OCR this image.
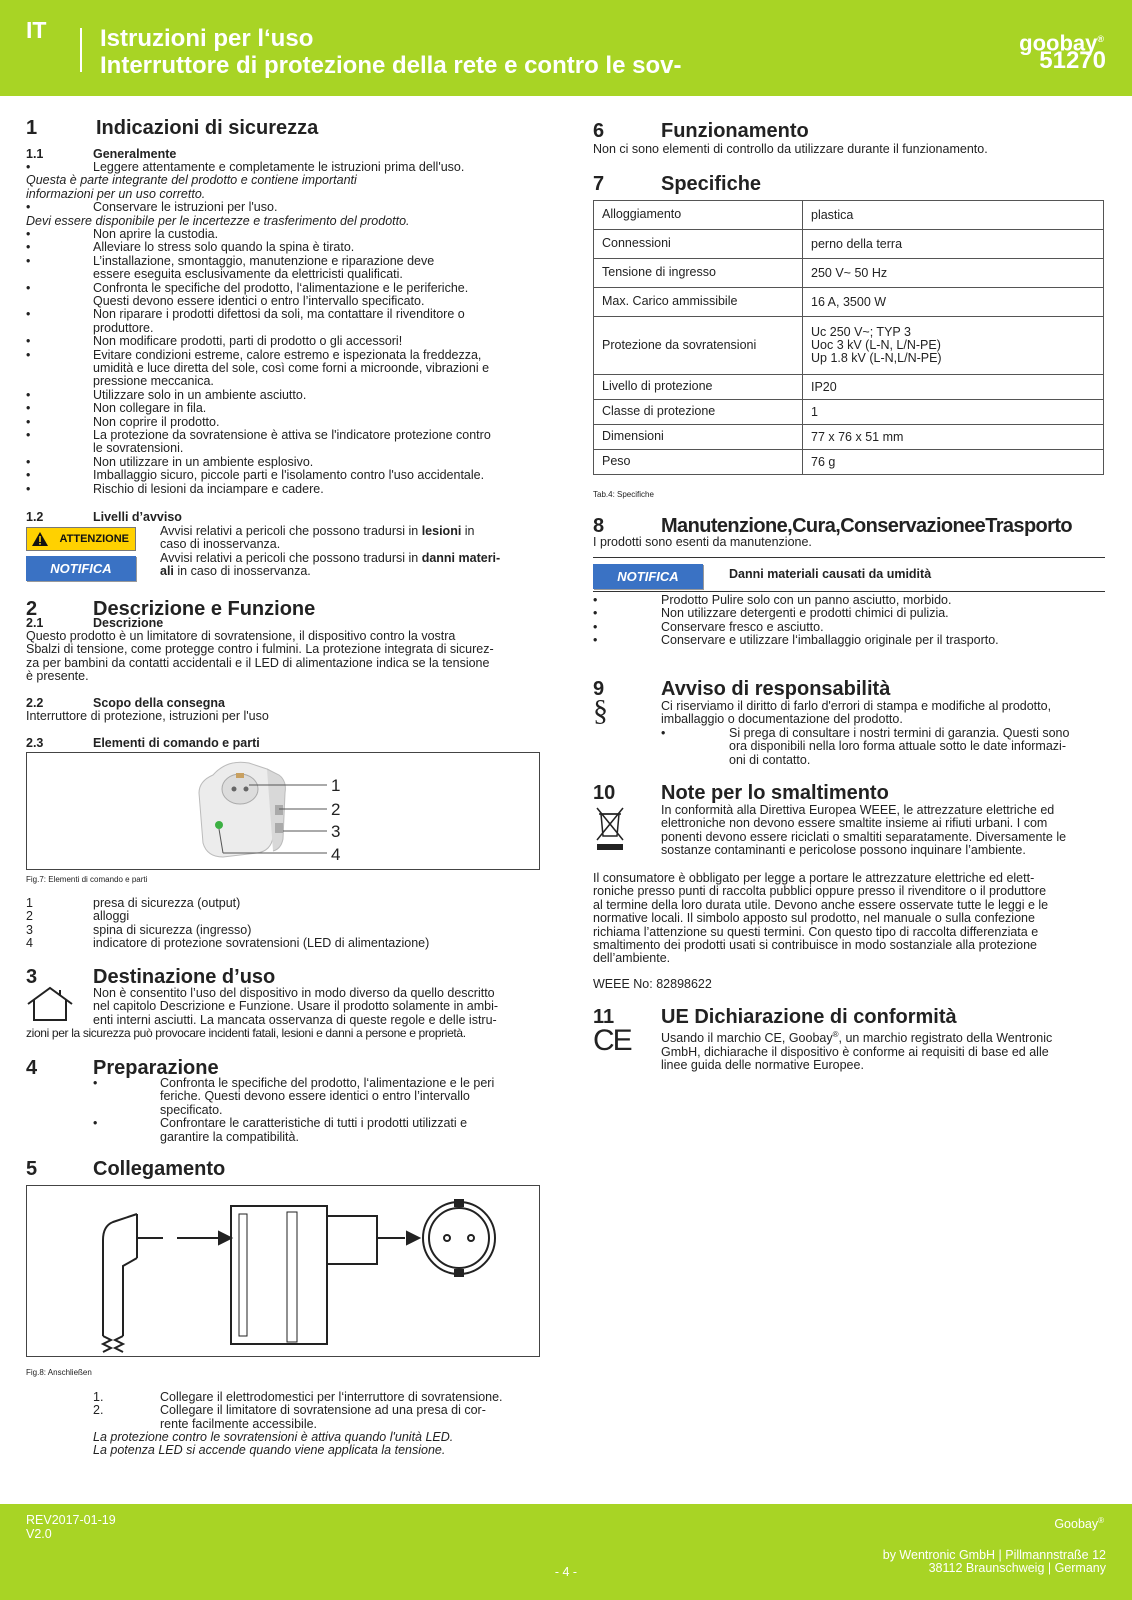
IT Istruzioni per l‘uso
Interruttore di protezione della rete e contro le sov-
goobay®
51270
1	Indicazioni di sicurezza
1.1	Generalmente
•	Leggere attentamente e completamente le istruzioni prima dell'uso.
Questa è parte integrante del prodotto e contiene importanti
informazioni per un uso corretto.
•	Conservare le istruzioni per l'uso.
Devi essere disponibile per le incertezze e trasferimento del prodotto.
•	Non aprire la custodia.
•	Alleviare lo stress solo quando la spina è tirato.
•	L’installazione, smontaggio, manutenzione e riparazione deve
essere eseguita esclusivamente da elettricisti qualificati.
•	Confronta le specifiche del prodotto, l‘alimentazione e le periferiche.
Questi devono essere identici o entro l’intervallo specificato.
•	Non riparare i prodotti difettosi da soli, ma contattare il rivenditore o
produttore.
•	Non modificare prodotti, parti di prodotto o gli accessori!
•	Evitare condizioni estreme, calore estremo e ispezionata la freddezza,
umidità e luce diretta del sole, così come forni a microonde, vibrazioni e
pressione meccanica.
•	Utilizzare solo in un ambiente asciutto.
•	Non collegare in fila.
•	Non coprire il prodotto.
•	La protezione da sovratensione è attiva se l'indicatore protezione contro
le sovratensioni.
•	Non utilizzare in un ambiente esplosivo.
•	Imballaggio sicuro, piccole parti e l'isolamento contro l'uso accidentale.
•	Rischio di lesioni da inciampare e cadere.
1.2	Livelli d’avviso
ATTENZIONE
NOTIFICA
Avvisi relativi a pericoli che possono tradursi in lesioni in
caso di inosservanza.
Avvisi relativi a pericoli che possono tradursi in danni materi-
ali in caso di inosservanza.
2	Descrizione e Funzione
2.1	Descrizione
Questo prodotto è un limitatore di sovratensione, il dispositivo contro la vostra
Sbalzi di tensione, come protegge contro i fulmini. La protezione integrata di sicurez-
za per bambini da contatti accidentali e il LED di alimentazione indica se la tensione
è presente.
2.2	Scopo della consegna
Interruttore di protezione, istruzioni per l'uso
2.3	Elementi di comando e parti
1
2
3
4
Fig.7: Elementi di comando e parti
1	presa di sicurezza (output)
2	alloggi
3	spina di sicurezza (ingresso)
4	indicatore di protezione sovratensioni (LED di alimentazione)
3	Destinazione d’uso
Non è consentito l’uso del dispositivo in modo diverso da quello descritto
nel capitolo Descrizione e Funzione. Usare il prodotto solamente in ambi-
enti interni asciutti. La mancata osservanza di queste regole e delle istru-
zioni per la sicurezza può provocare incidenti fatali, lesioni e danni a persone e proprietà.
4	Preparazione
•	Confronta le specifiche del prodotto, l‘alimentazione e le peri
feriche. Questi devono essere identici o entro l’intervallo
specificato.
•	Confrontare le caratteristiche di tutti i prodotti utilizzati e
garantire la compatibilità.
5	Collegamento
Fig.8: Anschließen
1.	Collegare il elettrodomestici per l‘interruttore di sovratensione.
2.	Collegare il limitatore di sovratensione ad una presa di cor-
rente facilmente accessibile.
La protezione contro le sovratensioni è attiva quando l'unità LED.
La potenza LED si accende quando viene applicata la tensione.
6	Funzionamento
Non ci sono elementi di controllo da utilizzare durante il funzionamento.
7	Specifiche
Alloggiamento	plastica
Connessioni	perno della terra
Tensione di ingresso	250 V~ 50 Hz
Max. Carico ammissibile	16 A, 3500 W
Protezione da sovratensioni	Uc 250 V~; TYP 3
Uoc 3 kV (L-N, L/N-PE)
Up 1.8 kV (L-N,L/N-PE)
Livello di protezione	IP20
Classe di protezione	1
Dimensioni	77 x 76 x 51 mm
Peso	76 g
Tab.4: Specifiche
8	Manutenzione,Cura,ConservazioneeTrasporto
I prodotti sono esenti da manutenzione.
NOTIFICA	Danni materiali causati da umidità
•	Prodotto Pulire solo con un panno asciutto, morbido.
•	Non utilizzare detergenti e prodotti chimici di pulizia.
•	Conservare fresco e asciutto.
•	Conservare e utilizzare l‘imballaggio originale per il trasporto.
9	Avviso di responsabilità
§	Ci riserviamo il diritto di farlo d'errori di stampa e modifiche al prodotto,
imballaggio o documentazione del prodotto.
•	Si prega di consultare i nostri termini di garanzia. Questi sono
ora disponibili nella loro forma attuale sotto le date informazi-
oni di contatto.
10 Note per lo smaltimento
In conformità alla Direttiva Europea WEEE, le attrezzature elettriche ed
elettroniche non devono essere smaltite insieme ai rifiuti urbani. I com
ponenti devono essere riciclati o smaltiti separatamente. Diversamente le
sostanze contaminanti e pericolose possono inquinare l’ambiente.
Il consumatore è obbligato per legge a portare le attrezzature elettriche ed elett-
roniche presso punti di raccolta pubblici oppure presso il rivenditore o il produttore
al termine della loro durata utile. Devono anche essere osservate tutte le leggi e le
normative locali. Il simbolo apposto sul prodotto, nel manuale o sulla confezione
richiama l’attenzione su questi termini. Con questo tipo di raccolta differenziata e
smaltimento dei prodotti usati si contribuisce in modo sostanziale alla protezione
dell’ambiente.
WEEE No: 82898622
11 UE Dichiarazione di conformità
CE Usando il marchio CE, Goobay®, un marchio registrato della Wentronic
GmbH, dichiarache il dispositivo è conforme ai requisiti di base ed alle
linee guida delle normative Europee.
REV2017-01-19
V2.0
- 4 -
Goobay®
by Wentronic GmbH | Pillmannstraße 12
38112 Braunschweig | Germany
